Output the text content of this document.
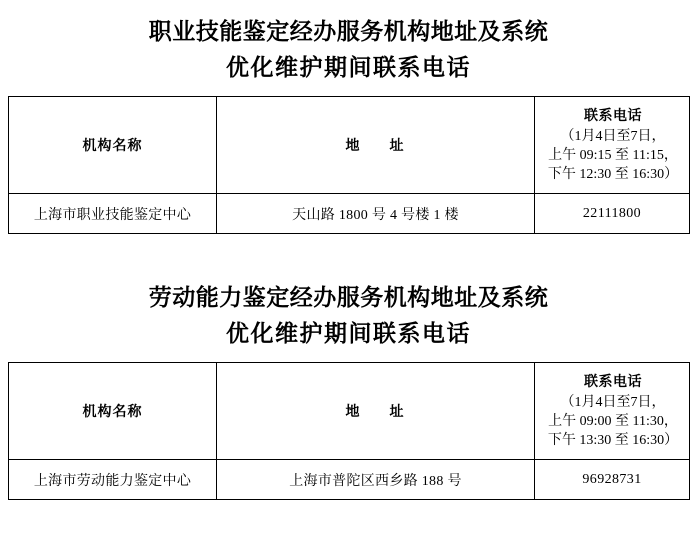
职业技能鉴定经办服务机构地址及系统
优化维护期间联系电话
机构名称	地　址	联系电话
（1月4日至7日，
上午 09:15 至 11:15，
下午 12:30 至 16:30）

上海市职业技能鉴定中心	天山路 1800 号 4 号楼 1 楼	22111800
劳动能力鉴定经办服务机构地址及系统
优化维护期间联系电话
机构名称	地　址	联系电话
（1月4日至7日，
上午 09:00 至 11:30，
下午 13:30 至 16:30）

上海市劳动能力鉴定中心	上海市普陀区西乡路 188 号	96928731
